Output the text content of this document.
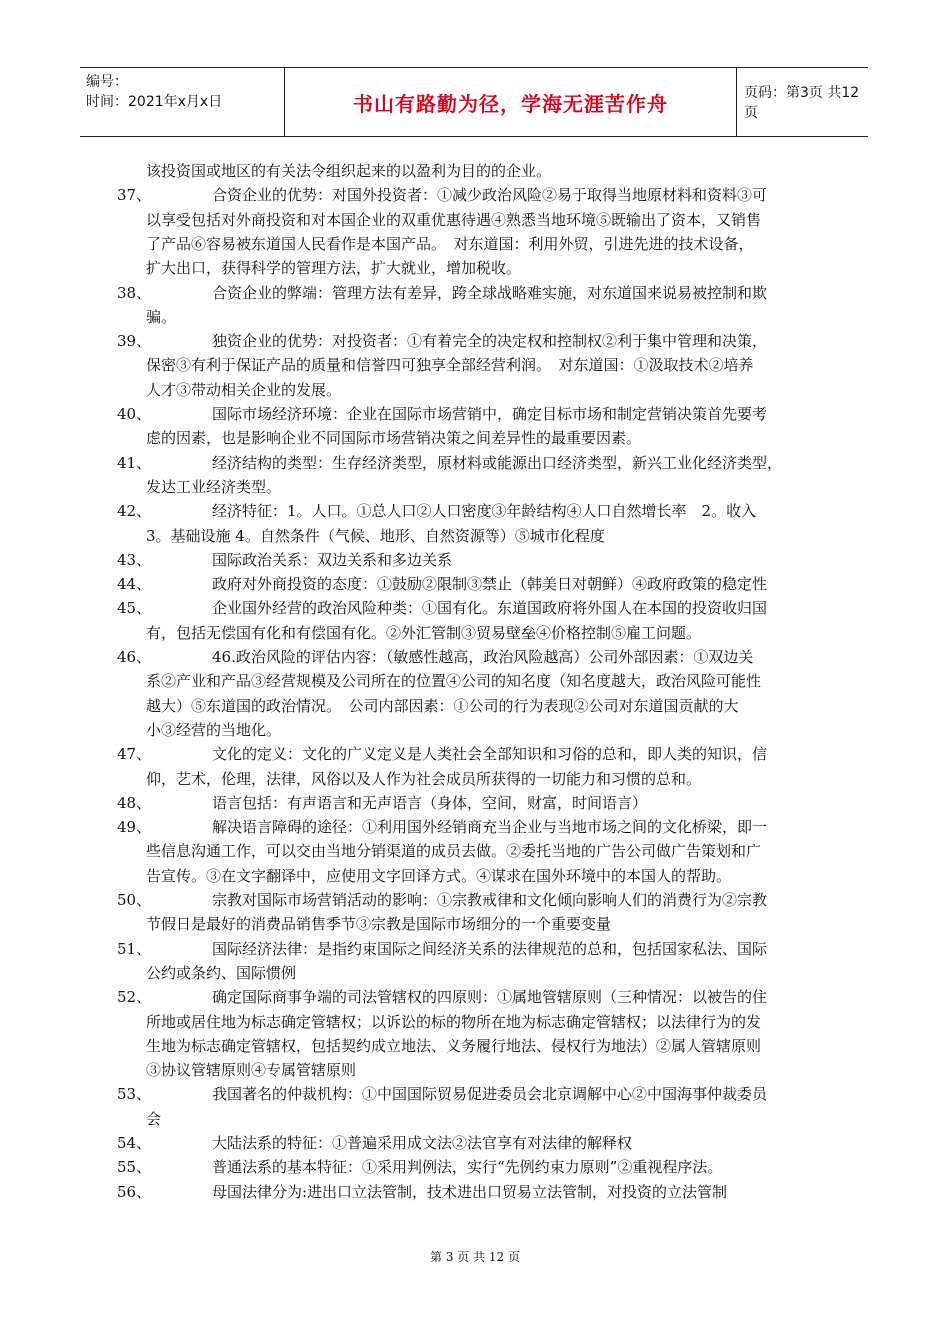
编号：
时间：2021年x月x日	书山有路勤为径，学海无涯苦作舟	页码：第3页 共12页
该投资国或地区的有关法令组织起来的以盈利为目的的企业。
37、	合资企业的优势：对国外投资者：①减少政治风险②易于取得当地原材料和资料③可
以享受包括对外商投资和对本国企业的双重优惠待遇④熟悉当地环境⑤既输出了资本，又销售
了产品⑥容易被东道国人民看作是本国产品。　对东道国：利用外贸，引进先进的技术设备，
扩大出口，获得科学的管理方法，扩大就业，增加税收。
38、	合资企业的弊端：管理方法有差异，跨全球战略难实施，对东道国来说易被控制和欺
骗。
39、	独资企业的优势：对投资者：①有着完全的决定权和控制权②利于集中管理和决策，
保密③有利于保证产品的质量和信誉四可独享全部经营利润。　对东道国：①汲取技术②培养
人才③带动相关企业的发展。
40、	国际市场经济环境：企业在国际市场营销中，确定目标市场和制定营销决策首先要考
虑的因素，也是影响企业不同国际市场营销决策之间差异性的最重要因素。
41、	经济结构的类型：生存经济类型，原材料或能源出口经济类型，新兴工业化经济类型，
发达工业经济类型。
42、	经济特征：1。人口。①总人口②人口密度③年龄结构④人口自然增长率　2。收入
3。基础设施 4。自然条件（气候、地形、自然资源等）⑤城市化程度
43、	国际政治关系：双边关系和多边关系
44、	政府对外商投资的态度：①鼓励②限制③禁止（韩美日对朝鲜）④政府政策的稳定性
45、	企业国外经营的政治风险种类：①国有化。东道国政府将外国人在本国的投资收归国
有，包括无偿国有化和有偿国有化。②外汇管制③贸易壁垒④价格控制⑤雇工问题。
46、	46.政治风险的评估内容：（敏感性越高，政治风险越高）公司外部因素：①双边关
系②产业和产品③经营规模及公司所在的位置④公司的知名度（知名度越大，政治风险可能性
越大）⑤东道国的政治情况。　公司内部因素：①公司的行为表现②公司对东道国贡献的大
小③经营的当地化。
47、	文化的定义：文化的广义定义是人类社会全部知识和习俗的总和，即人类的知识，信
仰，艺术，伦理，法律，风俗以及人作为社会成员所获得的一切能力和习惯的总和。
48、	语言包括：有声语言和无声语言（身体，空间，财富，时间语言）
49、	解决语言障碍的途径：①利用国外经销商充当企业与当地市场之间的文化桥梁，即一
些信息沟通工作，可以交由当地分销渠道的成员去做。②委托当地的广告公司做广告策划和广
告宣传。③在文字翻译中，应使用文字回译方式。④谋求在国外环境中的本国人的帮助。
50、	宗教对国际市场营销活动的影响：①宗教戒律和文化倾向影响人们的消费行为②宗教
节假日是最好的消费品销售季节③宗教是国际市场细分的一个重要变量
51、	国际经济法律：是指约束国际之间经济关系的法律规范的总和，包括国家私法、国际
公约或条约、国际惯例
52、	确定国际商事争端的司法管辖权的四原则：①属地管辖原则（三种情况：以被告的住
所地或居住地为标志确定管辖权；以诉讼的标的物所在地为标志确定管辖权；以法律行为的发
生地为标志确定管辖权，包括契约成立地法、义务履行地法、侵权行为地法）②属人管辖原则
③协议管辖原则④专属管辖原则
53、	我国著名的仲裁机构：①中国国际贸易促进委员会北京调解中心②中国海事仲裁委员
会
54、	大陆法系的特征：①普遍采用成文法②法官享有对法律的解释权
55、	普通法系的基本特征：①采用判例法，实行“先例约束力原则”②重视程序法。
56、	母国法律分为:进出口立法管制，技术进出口贸易立法管制，对投资的立法管制
第 3 页 共 12 页
